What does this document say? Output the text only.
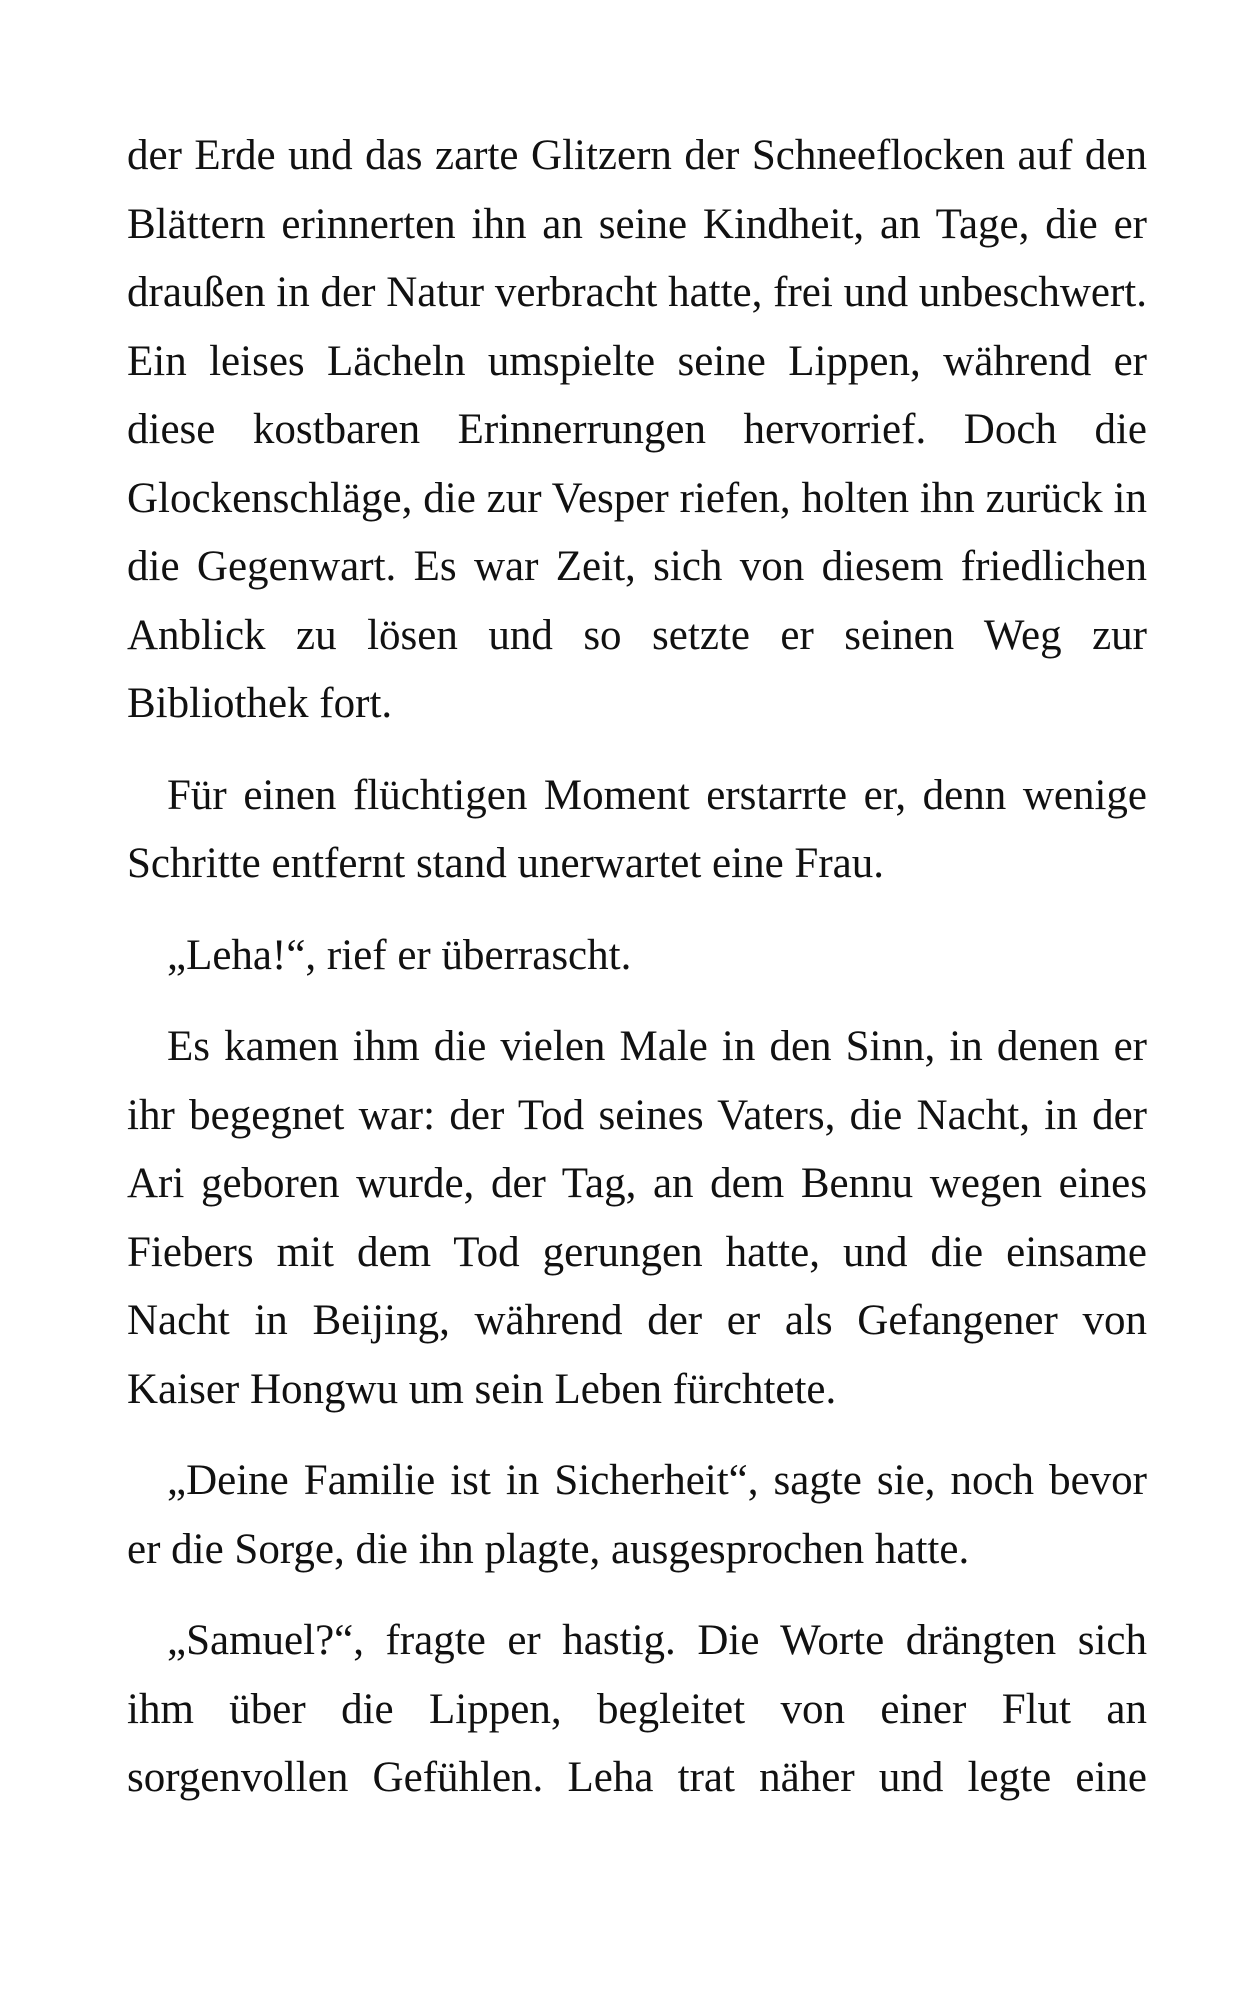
der Erde und das zarte Glitzern der Schneeflocken auf den Blättern erinnerten ihn an seine Kindheit, an Tage, die er draußen in der Natur verbracht hatte, frei und unbeschwert. Ein leises Lächeln umspielte seine Lippen, während er diese kostbaren Erinnerrungen hervorrief. Doch die Glockenschläge, die zur Vesper riefen, holten ihn zurück in die Gegenwart. Es war Zeit, sich von diesem friedlichen Anblick zu lösen und so setzte er seinen Weg zur Bibliothek fort.

Für einen flüchtigen Moment erstarrte er, denn wenige Schritte entfernt stand unerwartet eine Frau.

„Leha!“, rief er überrascht.

Es kamen ihm die vielen Male in den Sinn, in denen er ihr begegnet war: der Tod seines Vaters, die Nacht, in der Ari geboren wurde, der Tag, an dem Bennu wegen eines Fiebers mit dem Tod gerungen hatte, und die einsame Nacht in Beijing, während der er als Gefangener von Kaiser Hongwu um sein Leben fürchtete.

„Deine Familie ist in Sicherheit“, sagte sie, noch bevor er die Sorge, die ihn plagte, ausgesprochen hatte.

„Samuel?“, fragte er hastig. Die Worte drängten sich ihm über die Lippen, begleitet von einer Flut an sorgenvollen Gefühlen. Leha trat näher und legte eine
